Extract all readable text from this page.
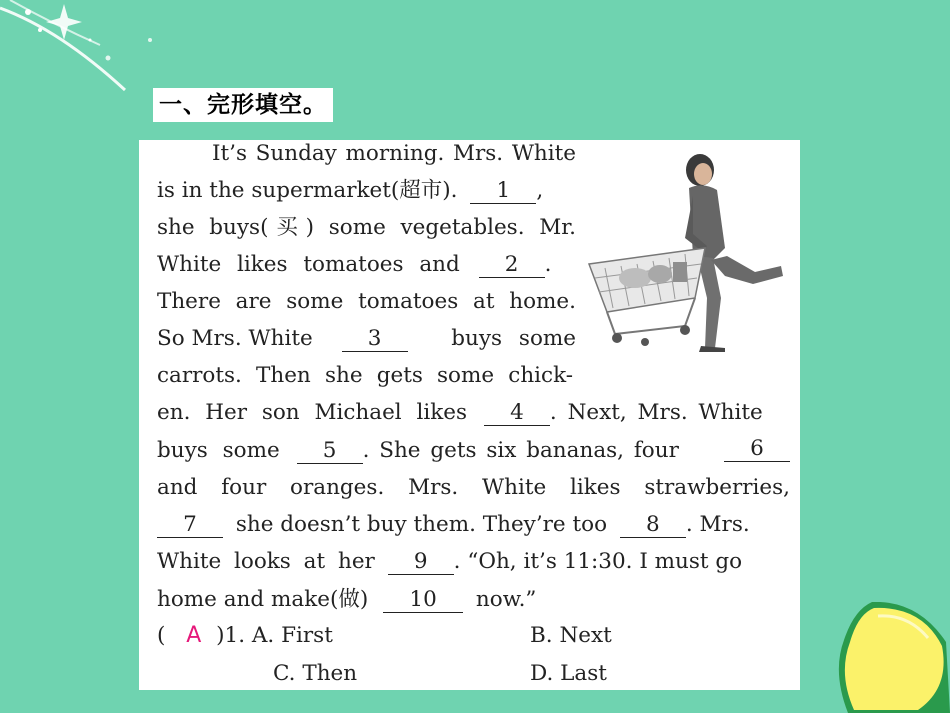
一、完形填空。
It’s Sunday morning. Mrs. White
is in the supermarket(超市). 1 ,
she buys(买) some vegetables. Mr.
White likes tomatoes and 2 .
There are some tomatoes at home.
So Mrs. White	3	buys some
carrots. Then she gets some chick-
en. Her son Michael likes 4 . Next, Mrs. White
buys some 5 . She gets six bananas, four	6
and four oranges. Mrs. White likes strawberries,
7 she doesn’t buy them. They’re too 8 . Mrs.
White looks at her 9 . “Oh, it’s 11:30. I must go
home and make(做) 10 now.”
( A )1. A. First	B. Next
C. Then	D. Last
